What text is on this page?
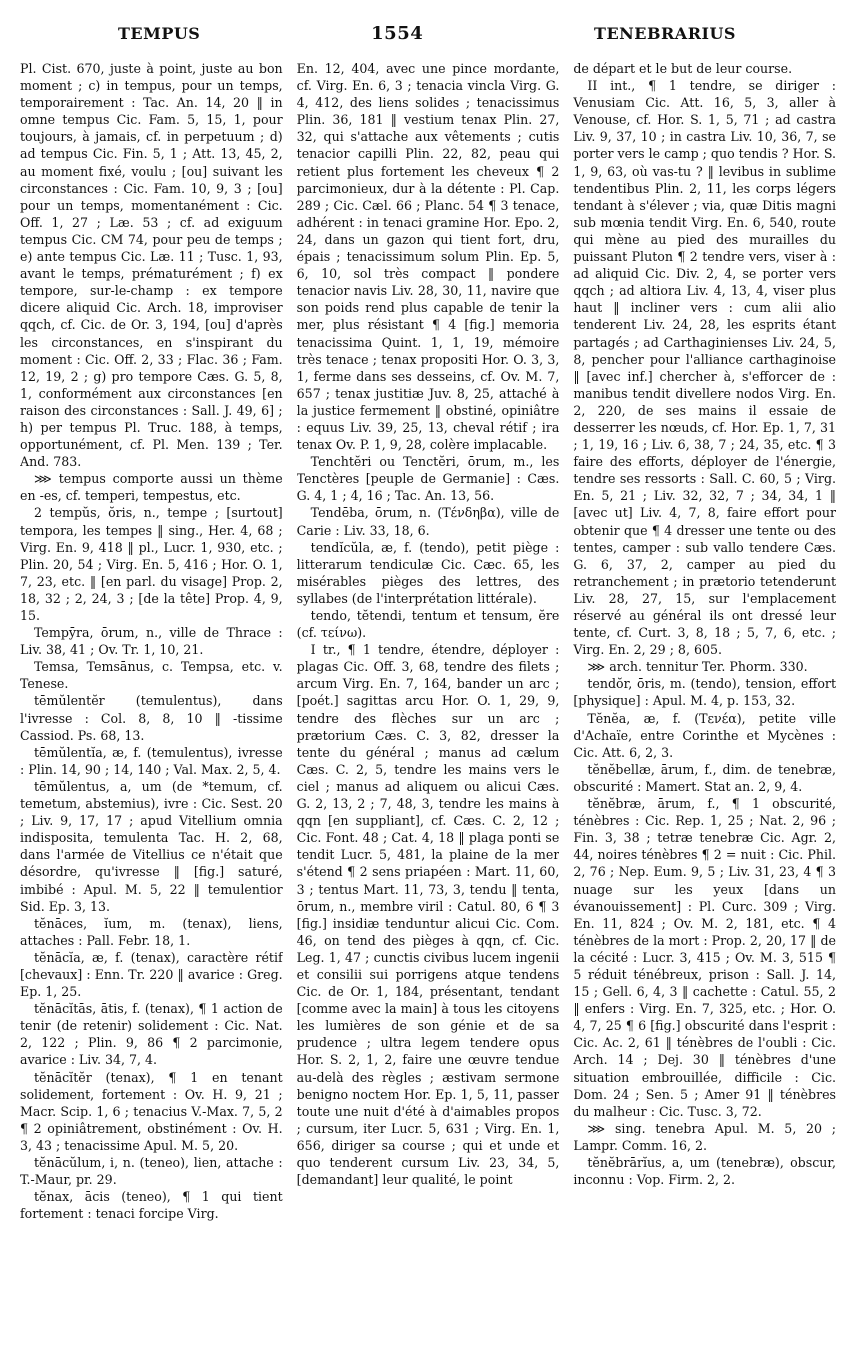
TEMPUS	1554	TENEBRARIUS

Pl. Cist. 670, juste à point, juste au bon moment ; c) in tempus, pour un temps, temporairement : Tac. An. 14, 20 ‖ in omne tempus Cic. Fam. 5, 15, 1, pour toujours, à jamais, cf. in perpetuum ; d) ad tempus Cic. Fin. 5, 1 ; Att. 13, 45, 2, au moment fixé, voulu ; [ou] suivant les circonstances : Cic. Fam. 10, 9, 3 ; [ou] pour un temps, momentanément : Cic. Off. 1, 27 ; Læ. 53 ; cf. ad exiguum tempus Cic. CM 74, pour peu de temps ; e) ante tempus Cic. Læ. 11 ; Tusc. 1, 93, avant le temps, prématurément ; f) ex tempore, sur-le-champ : ex tempore dicere aliquid Cic. Arch. 18, improviser qqch, cf. Cic. de Or. 3, 194, [ou] d'après les circonstances, en s'inspirant du moment : Cic. Off. 2, 33 ; Flac. 36 ; Fam. 12, 19, 2 ; g) pro tempore Cæs. G. 5, 8, 1, conformément aux circonstances [en raison des circonstances : Sall. J. 49, 6] ; h) per tempus Pl. Truc. 188, à temps, opportunément, cf. Pl. Men. 139 ; Ter. And. 783.

⋙ tempus comporte aussi un thème en -es, cf. temperi, tempestus, etc.

2 tempŭs, ŏris, n., tempe ; [surtout] tempora, les tempes ‖ sing., Her. 4, 68 ; Virg. En. 9, 418 ‖ pl., Lucr. 1, 930, etc. ; Plin. 20, 54 ; Virg. En. 5, 416 ; Hor. O. 1, 7, 23, etc. ‖ [en parl. du visage] Prop. 2, 18, 32 ; 2, 24, 3 ; [de la tête] Prop. 4, 9, 15.

Tempȳra, ōrum, n., ville de Thrace : Liv. 38, 41 ; Ov. Tr. 1, 10, 21.

Temsa, Temsānus, c. Tempsa, etc. v. Tenese.

tēmŭlentĕr (temulentus), dans l'ivresse : Col. 8, 8, 10 ‖ -tissime Cassiod. Ps. 68, 13.

tēmŭlentĭa, æ, f. (temulentus), ivresse : Plin. 14, 90 ; 14, 140 ; Val. Max. 2, 5, 4.

tēmŭlentus, a, um (de *temum, cf. temetum, abstemius), ivre : Cic. Sest. 20 ; Liv. 9, 17, 17 ; apud Vitellium omnia indisposita, temulenta Tac. H. 2, 68, dans l'armée de Vitellius ce n'était que désordre, qu'ivresse ‖ [fig.] saturé, imbibé : Apul. M. 5, 22 ‖ temulentior Sid. Ep. 3, 13.

tĕnāces, ĭum, m. (tenax), liens, attaches : Pall. Febr. 18, 1.

tĕnācĭa, æ, f. (tenax), caractère rétif [chevaux] : Enn. Tr. 220 ‖ avarice : Greg. Ep. 1, 25.

tĕnācĭtās, ātis, f. (tenax), ¶ 1 action de tenir (de retenir) solidement : Cic. Nat. 2, 122 ; Plin. 9, 86 ¶ 2 parcimonie, avarice : Liv. 34, 7, 4.

tĕnācĭtĕr (tenax), ¶ 1 en tenant solidement, fortement : Ov. H. 9, 21 ; Macr. Scip. 1, 6 ; tenacius V.-Max. 7, 5, 2 ¶ 2 opiniâtrement, obstinément : Ov. H. 3, 43 ; tenacissime Apul. M. 5, 20.

tĕnācŭlum, i, n. (teneo), lien, attache : T.-Maur, pr. 29.

tĕnax, ācis (teneo), ¶ 1 qui tient fortement : tenaci forcipe Virg.

En. 12, 404, avec une pince mordante, cf. Virg. En. 6, 3 ; tenacia vincla Virg. G. 4, 412, des liens solides ; tenacissimus Plin. 36, 181 ‖ vestium tenax Plin. 27, 32, qui s'attache aux vêtements ; cutis tenacior capilli Plin. 22, 82, peau qui retient plus fortement les cheveux ¶ 2 parcimonieux, dur à la détente : Pl. Cap. 289 ; Cic. Cæl. 66 ; Planc. 54 ¶ 3 tenace, adhérent : in tenaci gramine Hor. Epo. 2, 24, dans un gazon qui tient fort, dru, épais ; tenacissimum solum Plin. Ep. 5, 6, 10, sol très compact ‖ pondere tenacior navis Liv. 28, 30, 11, navire que son poids rend plus capable de tenir la mer, plus résistant ¶ 4 [fig.] memoria tenacissima Quint. 1, 1, 19, mémoire très tenace ; tenax propositi Hor. O. 3, 3, 1, ferme dans ses desseins, cf. Ov. M. 7, 657 ; tenax justitiæ Juv. 8, 25, attaché à la justice fermement ‖ obstiné, opiniâtre : equus Liv. 39, 25, 13, cheval rétif ; ira tenax Ov. P. 1, 9, 28, colère implacable.

Tenchtĕri ou Tenctĕri, ōrum, m., les Tenctères [peuple de Germanie] : Cæs. G. 4, 1 ; 4, 16 ; Tac. An. 13, 56.

Tendēba, ōrum, n. (Τένδηβα), ville de Carie : Liv. 33, 18, 6.

tendĭcŭla, æ, f. (tendo), petit piège : litterarum tendiculæ Cic. Cæc. 65, les misérables pièges des lettres, des syllabes (de l'interprétation littérale).

tendo, tĕtendi, tentum et tensum, ĕre (cf. τείνω).

I tr., ¶ 1 tendre, étendre, déployer : plagas Cic. Off. 3, 68, tendre des filets ; arcum Virg. En. 7, 164, bander un arc ; [poét.] sagittas arcu Hor. O. 1, 29, 9, tendre des flèches sur un arc ; prætorium Cæs. C. 3, 82, dresser la tente du général ; manus ad cælum Cæs. C. 2, 5, tendre les mains vers le ciel ; manus ad aliquem ou alicui Cæs. G. 2, 13, 2 ; 7, 48, 3, tendre les mains à qqn [en suppliant], cf. Cæs. C. 2, 12 ; Cic. Font. 48 ; Cat. 4, 18 ‖ plaga ponti se tendit Lucr. 5, 481, la plaine de la mer s'étend ¶ 2 sens priapéen : Mart. 11, 60, 3 ; tentus Mart. 11, 73, 3, tendu ‖ tenta, ōrum, n., membre viril : Catul. 80, 6 ¶ 3 [fig.] insidiæ tenduntur alicui Cic. Com. 46, on tend des pièges à qqn, cf. Cic. Leg. 1, 47 ; cunctis civibus lucem ingenii et consilii sui porrigens atque tendens Cic. de Or. 1, 184, présentant, tendant [comme avec la main] à tous les citoyens les lumières de son génie et de sa prudence ; ultra legem tendere opus Hor. S. 2, 1, 2, faire une œuvre tendue au-delà des règles ; æstivam sermone benigno noctem Hor. Ep. 1, 5, 11, passer toute une nuit d'été à d'aimables propos ; cursum, iter Lucr. 5, 631 ; Virg. En. 1, 656, diriger sa course ; qui et unde et quo tenderent cursum Liv. 23, 34, 5, [demandant] leur qualité, le point

de départ et le but de leur course.

II int., ¶ 1 tendre, se diriger : Venusiam Cic. Att. 16, 5, 3, aller à Venouse, cf. Hor. S. 1, 5, 71 ; ad castra Liv. 9, 37, 10 ; in castra Liv. 10, 36, 7, se porter vers le camp ; quo tendis ? Hor. S. 1, 9, 63, où vas-tu ? ‖ levibus in sublime tendentibus Plin. 2, 11, les corps légers tendant à s'élever ; via, quæ Ditis magni sub mœnia tendit Virg. En. 6, 540, route qui mène au pied des murailles du puissant Pluton ¶ 2 tendre vers, viser à : ad aliquid Cic. Div. 2, 4, se porter vers qqch ; ad altiora Liv. 4, 13, 4, viser plus haut ‖ incliner vers : cum alii alio tenderent Liv. 24, 28, les esprits étant partagés ; ad Carthaginienses Liv. 24, 5, 8, pencher pour l'alliance carthaginoise ‖ [avec inf.] chercher à, s'efforcer de : manibus tendit divellere nodos Virg. En. 2, 220, de ses mains il essaie de desserrer les nœuds, cf. Hor. Ep. 1, 7, 31 ; 1, 19, 16 ; Liv. 6, 38, 7 ; 24, 35, etc. ¶ 3 faire des efforts, déployer de l'énergie, tendre ses ressorts : Sall. C. 60, 5 ; Virg. En. 5, 21 ; Liv. 32, 32, 7 ; 34, 34, 1 ‖ [avec ut] Liv. 4, 7, 8, faire effort pour obtenir que ¶ 4 dresser une tente ou des tentes, camper : sub vallo tendere Cæs. G. 6, 37, 2, camper au pied du retranchement ; in prætorio tetenderunt Liv. 28, 27, 15, sur l'emplacement réservé au général ils ont dressé leur tente, cf. Curt. 3, 8, 18 ; 5, 7, 6, etc. ; Virg. En. 2, 29 ; 8, 605.

⋙ arch. tennitur Ter. Phorm. 330.

tendŏr, ōris, m. (tendo), tension, effort [physique] : Apul. M. 4, p. 153, 32.

Tĕnĕa, æ, f. (Τενέα), petite ville d'Achaïe, entre Corinthe et Mycènes : Cic. Att. 6, 2, 3.

tĕnĕbellæ, ārum, f., dim. de tenebræ, obscurité : Mamert. Stat an. 2, 9, 4.

tĕnĕbræ, ārum, f., ¶ 1 obscurité, ténèbres : Cic. Rep. 1, 25 ; Nat. 2, 96 ; Fin. 3, 38 ; tetræ tenebræ Cic. Agr. 2, 44, noires ténèbres ¶ 2 = nuit : Cic. Phil. 2, 76 ; Nep. Eum. 9, 5 ; Liv. 31, 23, 4 ¶ 3 nuage sur les yeux [dans un évanouissement] : Pl. Curc. 309 ; Virg. En. 11, 824 ; Ov. M. 2, 181, etc. ¶ 4 ténèbres de la mort : Prop. 2, 20, 17 ‖ de la cécité : Lucr. 3, 415 ; Ov. M. 3, 515 ¶ 5 réduit ténébreux, prison : Sall. J. 14, 15 ; Gell. 6, 4, 3 ‖ cachette : Catul. 55, 2 ‖ enfers : Virg. En. 7, 325, etc. ; Hor. O. 4, 7, 25 ¶ 6 [fig.] obscurité dans l'esprit : Cic. Ac. 2, 61 ‖ ténèbres de l'oubli : Cic. Arch. 14 ; Dej. 30 ‖ ténèbres d'une situation embrouillée, difficile : Cic. Dom. 24 ; Sen. 5 ; Amer 91 ‖ ténèbres du malheur : Cic. Tusc. 3, 72.

⋙ sing. tenebra Apul. M. 5, 20 ; Lampr. Comm. 16, 2.

tĕnĕbrārĭus, a, um (tenebræ), obscur, inconnu : Vop. Firm. 2, 2.
